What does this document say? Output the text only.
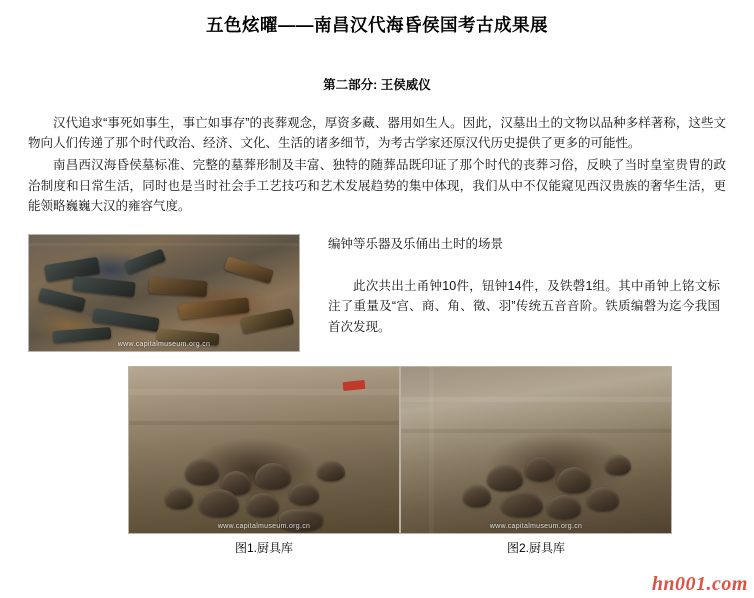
五色炫曜——南昌汉代海昏侯国考古成果展
第二部分: 王侯威仪

汉代追求“事死如事生，事亡如事存”的丧葬观念，厚资多藏、器用如生人。因此，汉墓出土的文物以品种多样著称，这些文物向人们传递了那个时代政治、经济、文化、生活的诸多细节，为考古学家还原汉代历史提供了更多的可能性。

南昌西汉海昏侯墓标准、完整的墓葬形制及丰富、独特的随葬品既印证了那个时代的丧葬习俗，反映了当时皇室贵胄的政治制度和日常生活，同时也是当时社会手工艺技巧和艺术发展趋势的集中体现，我们从中不仅能窥见西汉贵族的奢华生活，更能领略巍巍大汉的雍容气度。

www.capitalmuseum.org.cn

编钟等乐器及乐俑出土时的场景

此次共出土甬钟10件，钮钟14件，及铁磬1组。其中甬钟上铭文标注了重量及“宫、商、角、徵、羽”传统五音音阶。铁质编磬为迄今我国首次发现。

www.capitalmuseum.org.cn
图1.厨具库
www.capitalmuseum.org.cn
图2.厨具库
hn001.com
